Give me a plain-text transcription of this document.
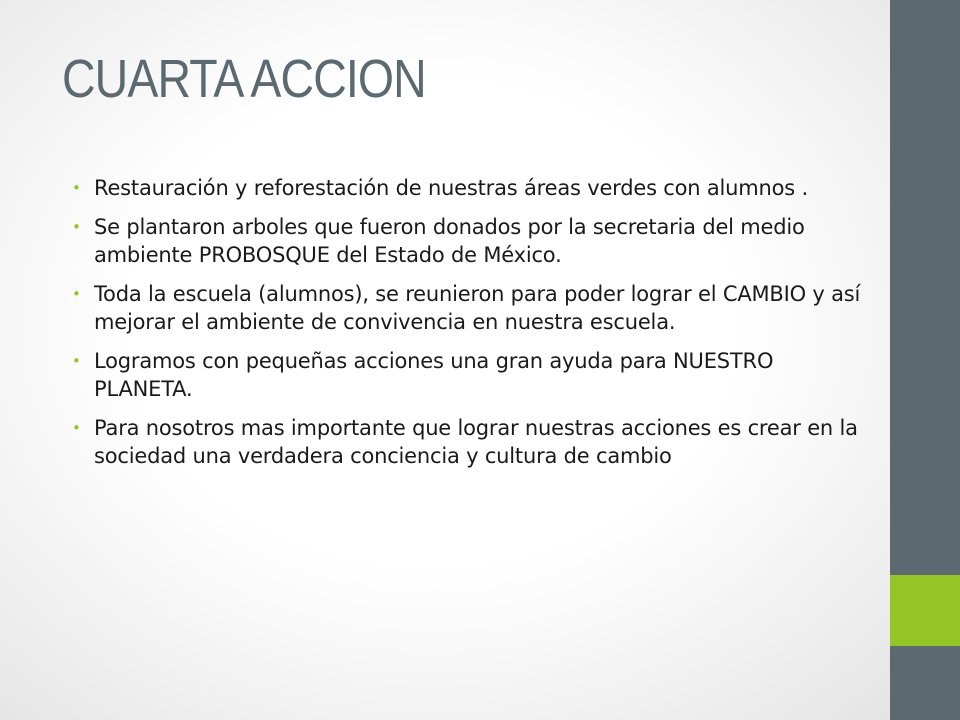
CUARTA ACCION
• Restauración y reforestación de nuestras áreas verdes con alumnos .
• Se plantaron arboles que fueron donados por la secretaria del medio ambiente PROBOSQUE del Estado de México.
• Toda la escuela (alumnos), se reunieron para poder lograr el CAMBIO y así mejorar el ambiente de convivencia en nuestra escuela.
• Logramos con pequeñas acciones una gran ayuda para NUESTRO PLANETA.
• Para nosotros mas importante que lograr nuestras acciones es crear en la sociedad una verdadera conciencia y cultura de cambio
